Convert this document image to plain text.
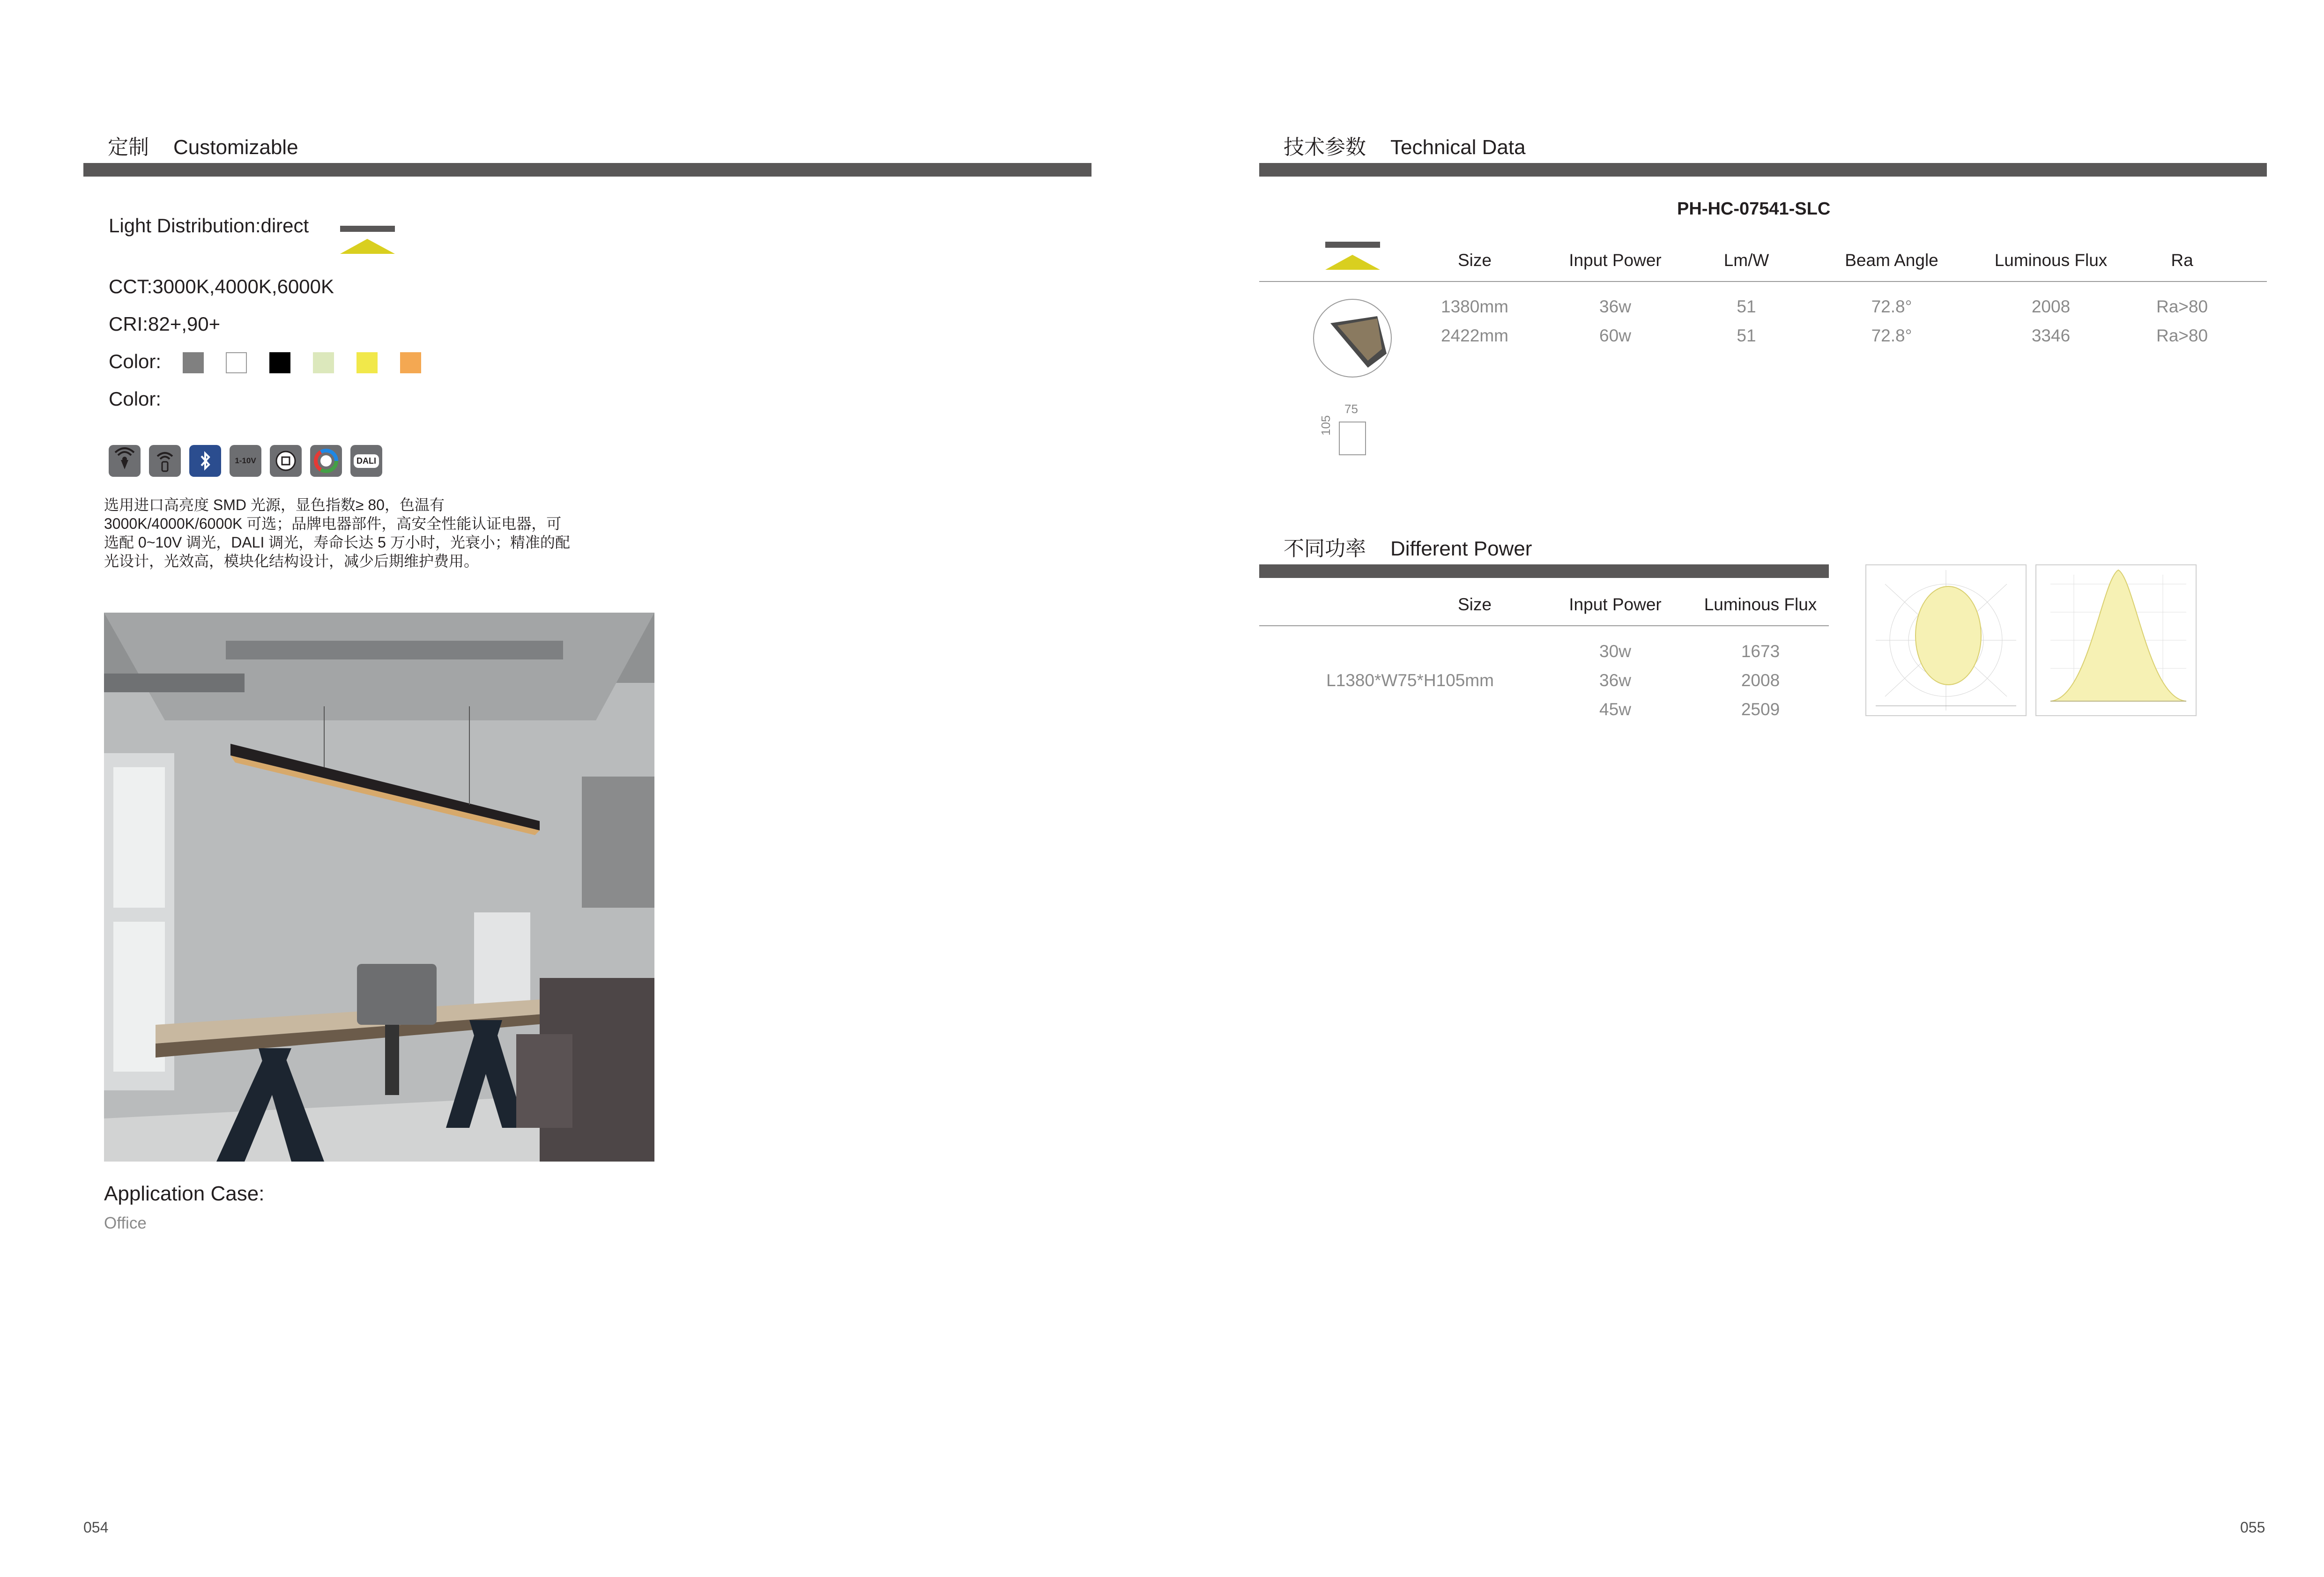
定制 Customizable
Light Distribution:direct
CCT:3000K,4000K,6000K
CRI:82+,90+
Color:
Color:
1-10V	DALI
选用进口高亮度 SMD 光源，显色指数≥ 80，色温有
3000K/4000K/6000K 可选；品牌电器部件，高安全性能认证电器，可
选配 0~10V 调光，DALI 调光，寿命长达 5 万小时，光衰小；精准的配
光设计，光效高，模块化结构设计，减少后期维护费用。
Application Case:
Office
054
技术参数 Technical Data
PH-HC-07541-SLC
Size	Input Power	Lm/W	Beam Angle	Luminous Flux	Ra
1380mm	36w	51	72.8°	2008	Ra>80
2422mm	60w	51	72.8°	3346	Ra>80
75
105
不同功率 Different Power
Size	Input Power	Luminous Flux
L1380*W75*H105mm
30w	1673
36w	2008
45w	2509
055
